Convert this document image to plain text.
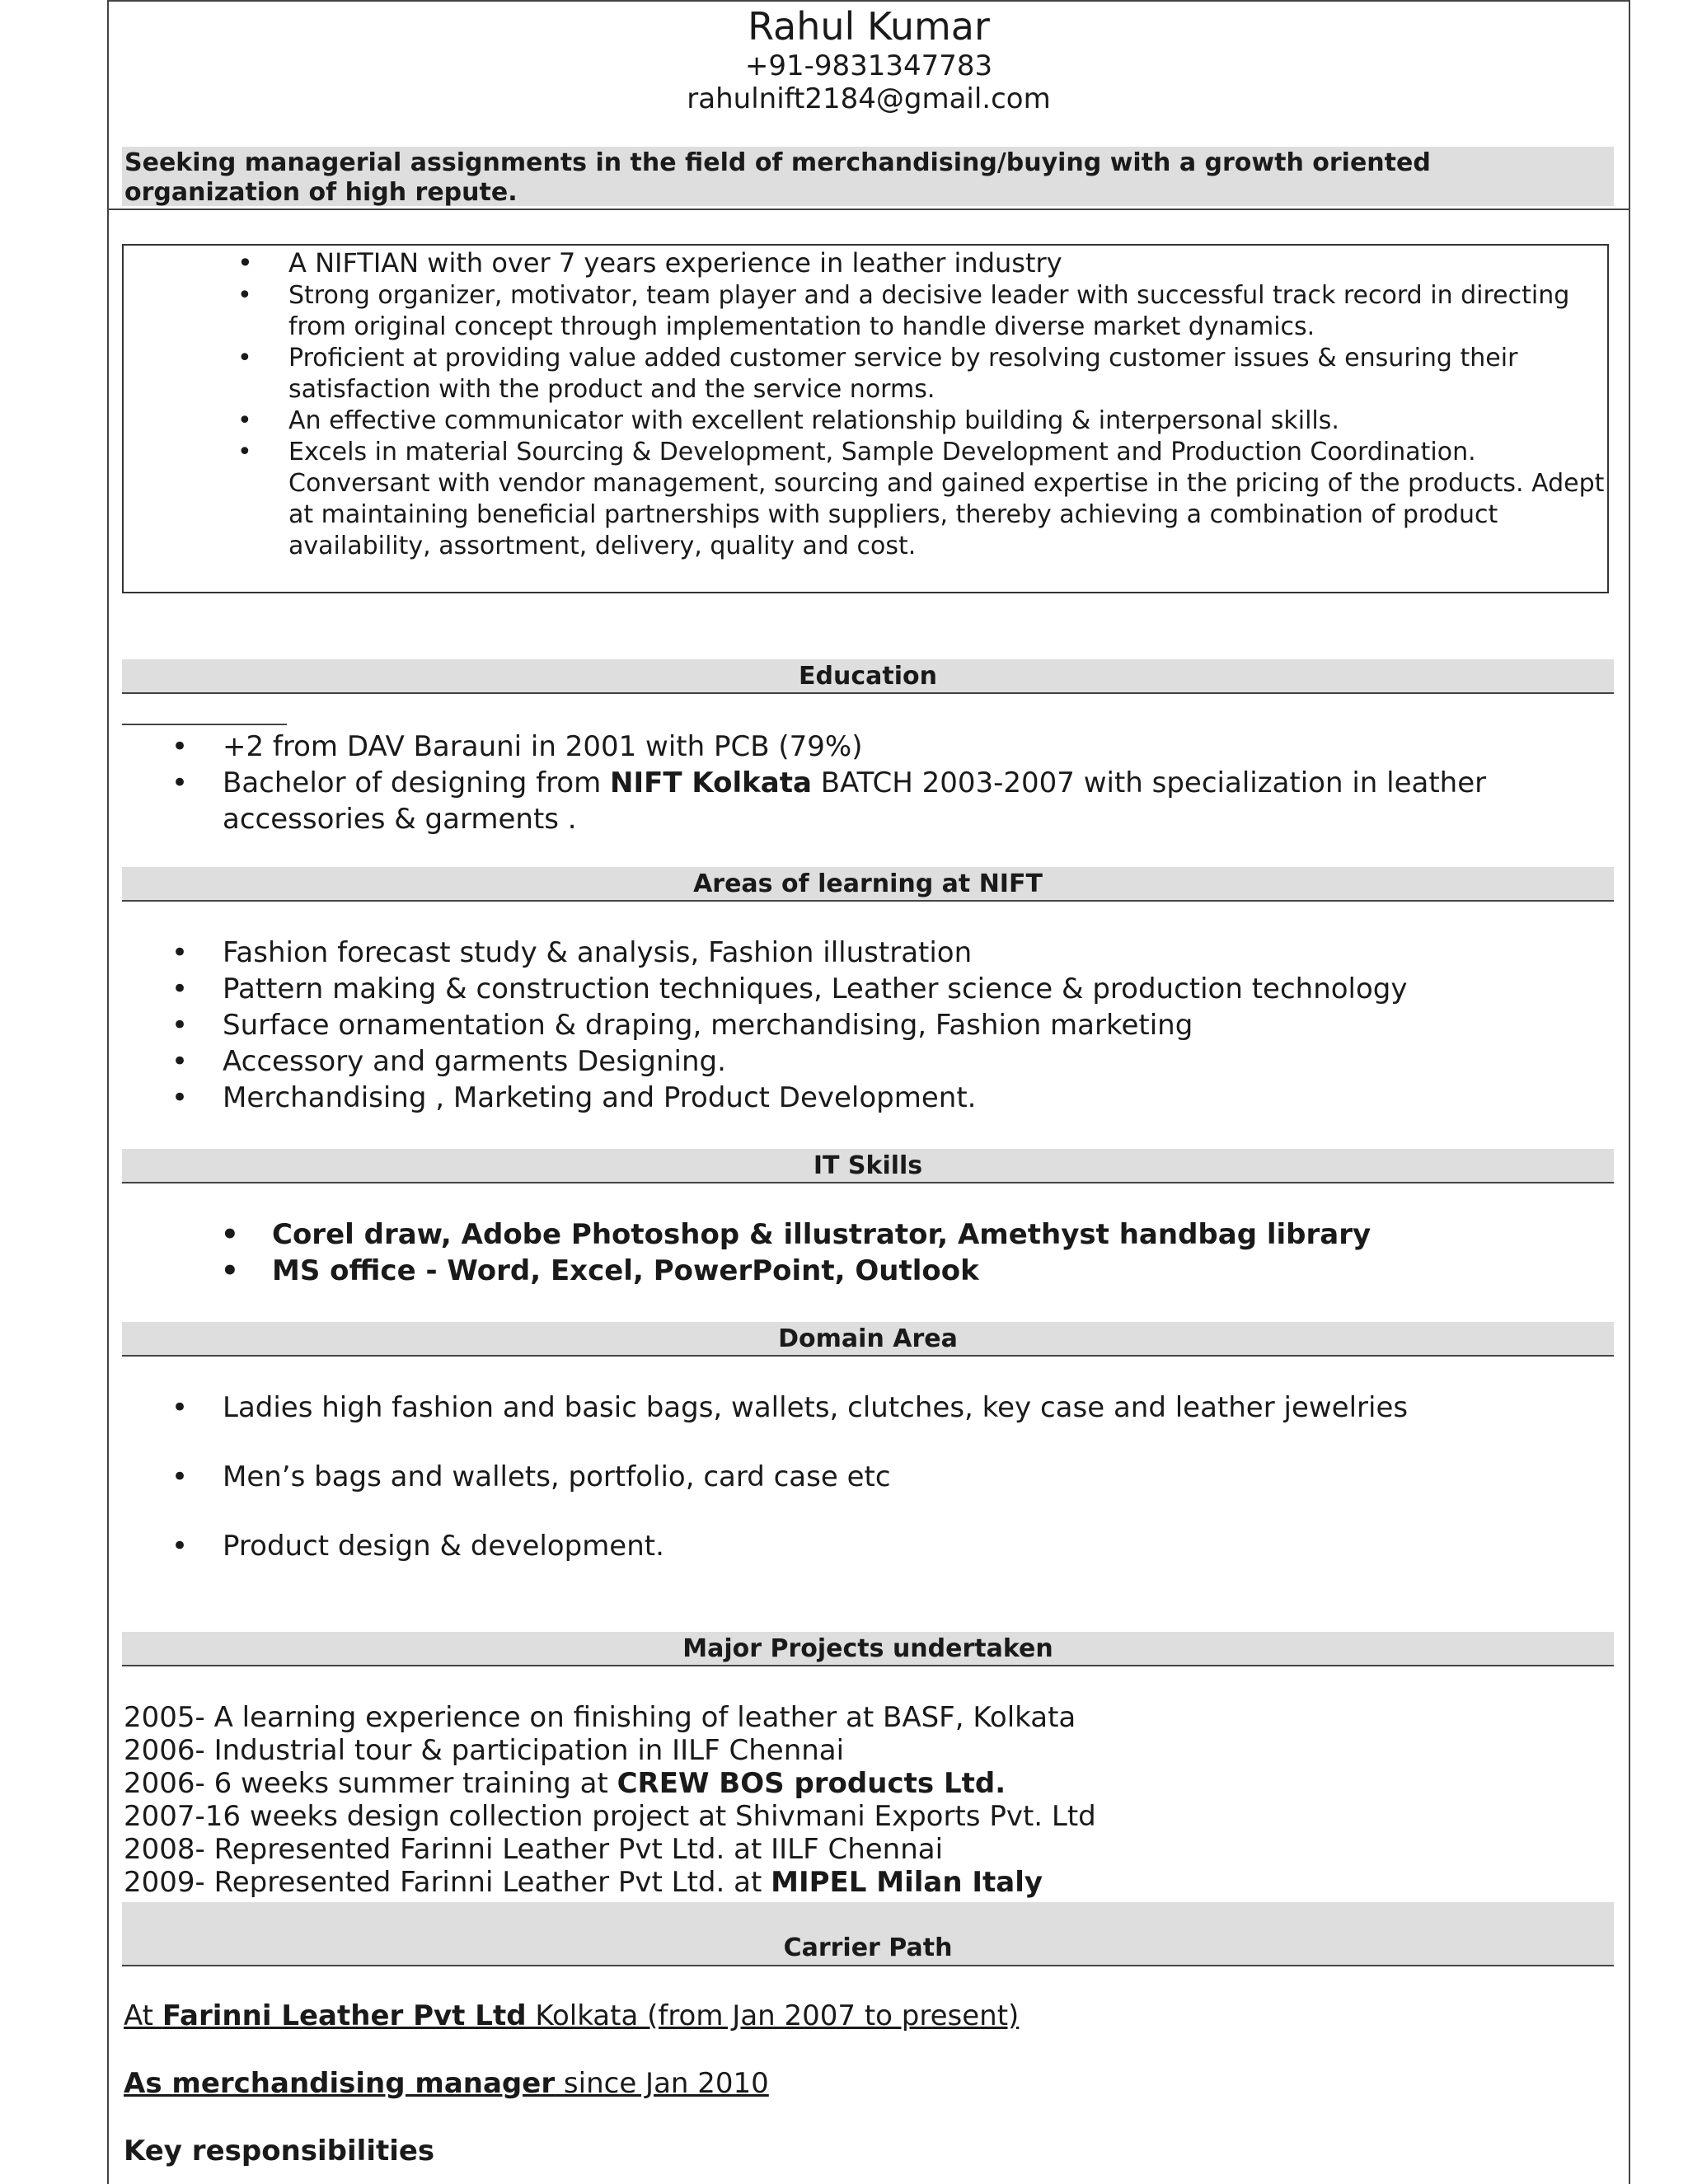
Rahul Kumar
+91-9831347783
rahulnift2184@gmail.com
Seeking managerial assignments in the field of merchandising/buying with a growth oriented organization of high repute.
• A NIFTIAN with over 7 years experience in leather industry
• Strong organizer, motivator, team player and a decisive leader with successful track record in directing from original concept through implementation to handle diverse market dynamics.
• Proficient at providing value added customer service by resolving customer issues & ensuring their satisfaction with the product and the service norms.
• An effective communicator with excellent relationship building & interpersonal skills.
• Excels in material Sourcing & Development, Sample Development and Production Coordination. Conversant with vendor management, sourcing and gained expertise in the pricing of the products. Adept at maintaining beneficial partnerships with suppliers, thereby achieving a combination of product availability, assortment, delivery, quality and cost.
Education
• +2 from DAV Barauni in 2001 with PCB (79%)
• Bachelor of designing from NIFT Kolkata BATCH 2003-2007 with specialization in leather
accessories & garments .
Areas of learning at NIFT
• Fashion forecast study & analysis, Fashion illustration
• Pattern making & construction techniques, Leather science & production technology
• Surface ornamentation & draping, merchandising, Fashion marketing
• Accessory and garments Designing.
• Merchandising , Marketing and Product Development.
IT Skills
• Corel draw, Adobe Photoshop & illustrator, Amethyst handbag library
• MS office - Word, Excel, PowerPoint, Outlook
Domain Area
• Ladies high fashion and basic bags, wallets, clutches, key case and leather jewelries
• Men’s bags and wallets, portfolio, card case etc
• Product design & development.
Major Projects undertaken
2005- A learning experience on finishing of leather at BASF, Kolkata
2006- Industrial tour & participation in IILF Chennai
2006- 6 weeks summer training at CREW BOS products Ltd.
2007-16 weeks design collection project at Shivmani Exports Pvt. Ltd
2008- Represented Farinni Leather Pvt Ltd. at IILF Chennai
2009- Represented Farinni Leather Pvt Ltd. at MIPEL Milan Italy
Carrier Path
At Farinni Leather Pvt Ltd Kolkata (from Jan 2007 to present)
As merchandising manager since Jan 2010
Key responsibilities
